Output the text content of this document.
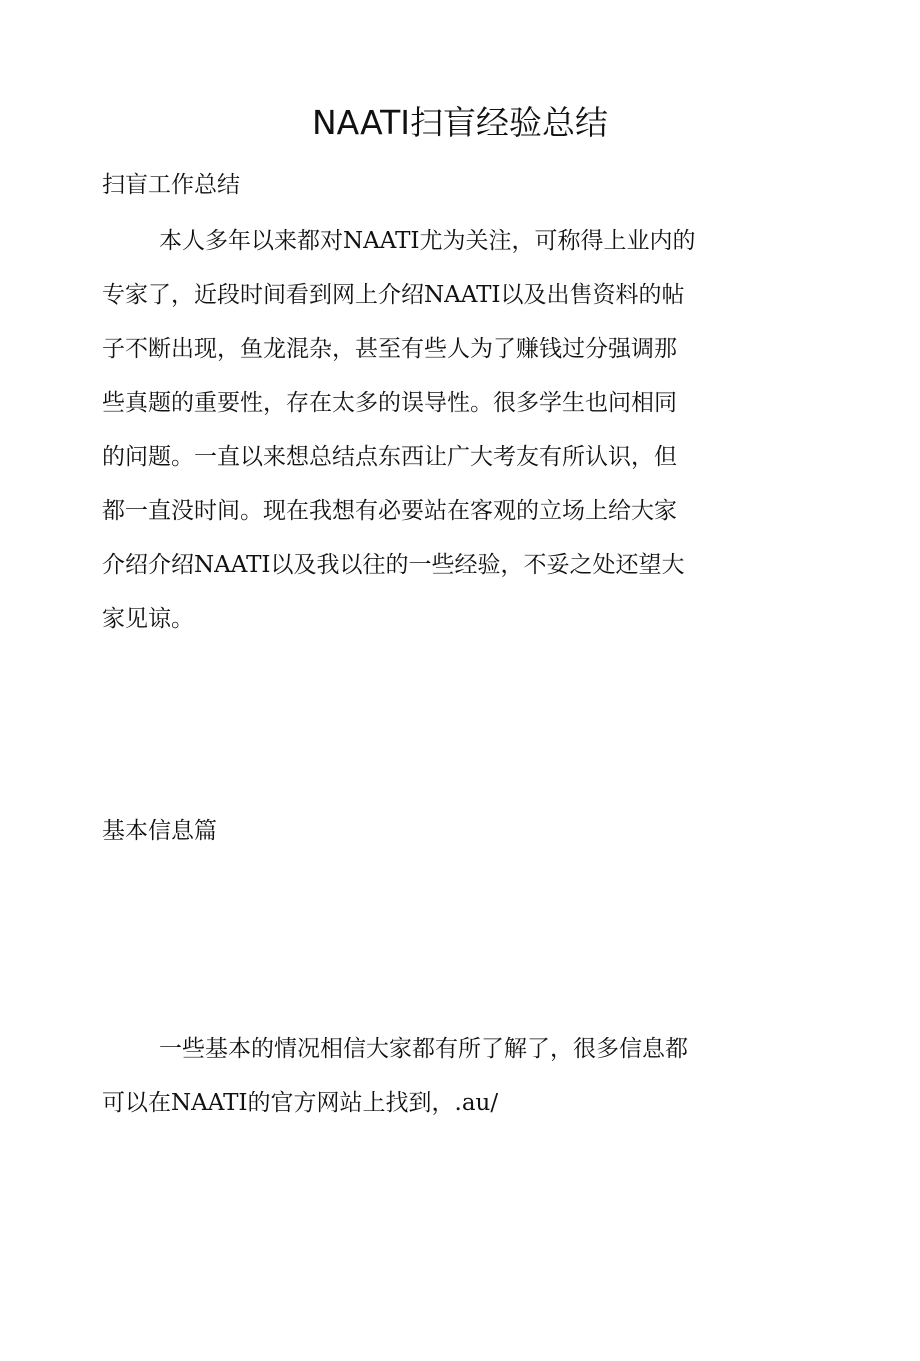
NAATI扫盲经验总结
扫盲工作总结
本人多年以来都对NAATI尤为关注，可称得上业内的
专家了，近段时间看到网上介绍NAATI以及出售资料的帖
子不断出现，鱼龙混杂，甚至有些人为了赚钱过分强调那
些真题的重要性，存在太多的误导性。很多学生也问相同
的问题。一直以来想总结点东西让广大考友有所认识，但
都一直没时间。现在我想有必要站在客观的立场上给大家
介绍介绍NAATI以及我以往的一些经验，不妥之处还望大
家见谅。
基本信息篇
一些基本的情况相信大家都有所了解了，很多信息都
可以在NAATI的官方网站上找到，.au/
